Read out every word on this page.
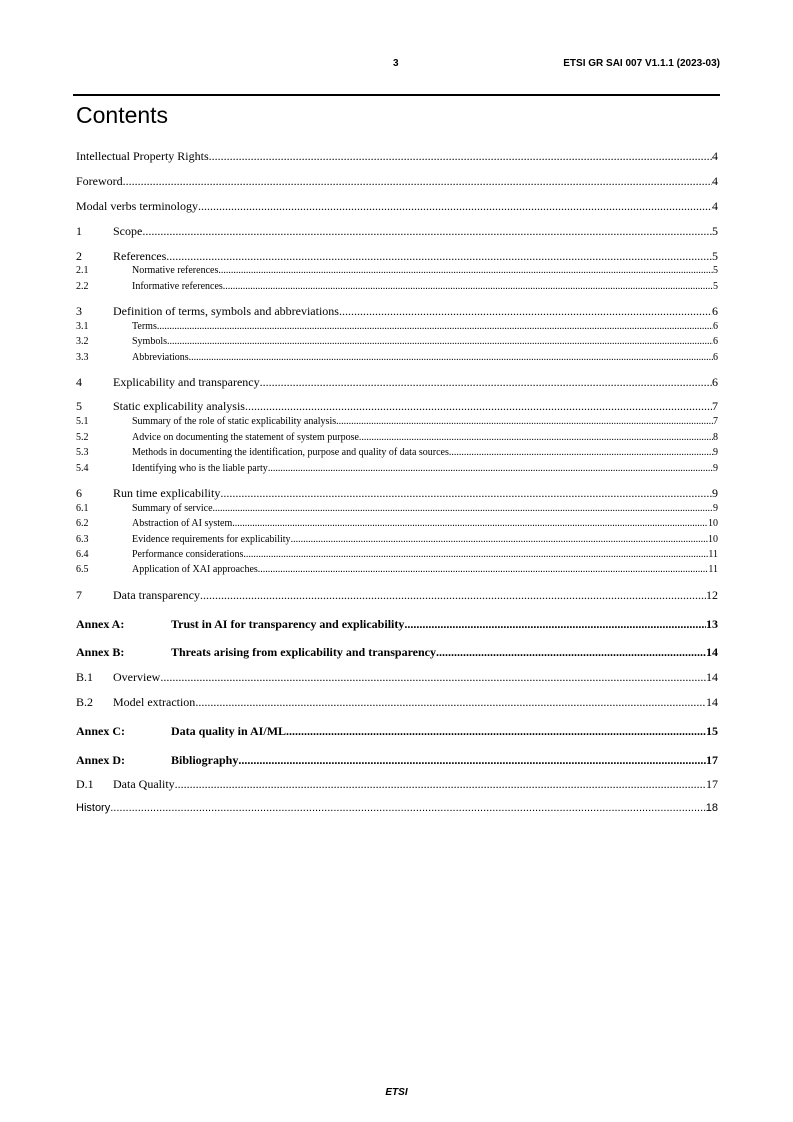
3	ETSI GR SAI 007 V1.1.1 (2023-03)
Contents
Intellectual Property Rights .....	4
Foreword .....	4
Modal verbs terminology .....	4
1	Scope .....	5
2	References .....	5
2.1	Normative references .....	5
2.2	Informative references .....	5
3	Definition of terms, symbols and abbreviations .....	6
3.1	Terms .....	6
3.2	Symbols .....	6
3.3	Abbreviations .....	6
4	Explicability and transparency .....	6
5	Static explicability analysis .....	7
5.1	Summary of the role of static explicability analysis .....	7
5.2	Advice on documenting the statement of system purpose .....	8
5.3	Methods in documenting the identification, purpose and quality of data sources .....	9
5.4	Identifying who is the liable party .....	9
6	Run time explicability .....	9
6.1	Summary of service .....	9
6.2	Abstraction of AI system .....	10
6.3	Evidence requirements for explicability .....	10
6.4	Performance considerations .....	11
6.5	Application of XAI approaches .....	11
7	Data transparency .....	12
Annex A:	Trust in AI for transparency and explicability .....	13
Annex B:	Threats arising from explicability and transparency .....	14
B.1	Overview .....	14
B.2	Model extraction .....	14
Annex C:	Data quality in AI/ML .....	15
Annex D:	Bibliography .....	17
D.1	Data Quality .....	17
History .....	18
ETSI
